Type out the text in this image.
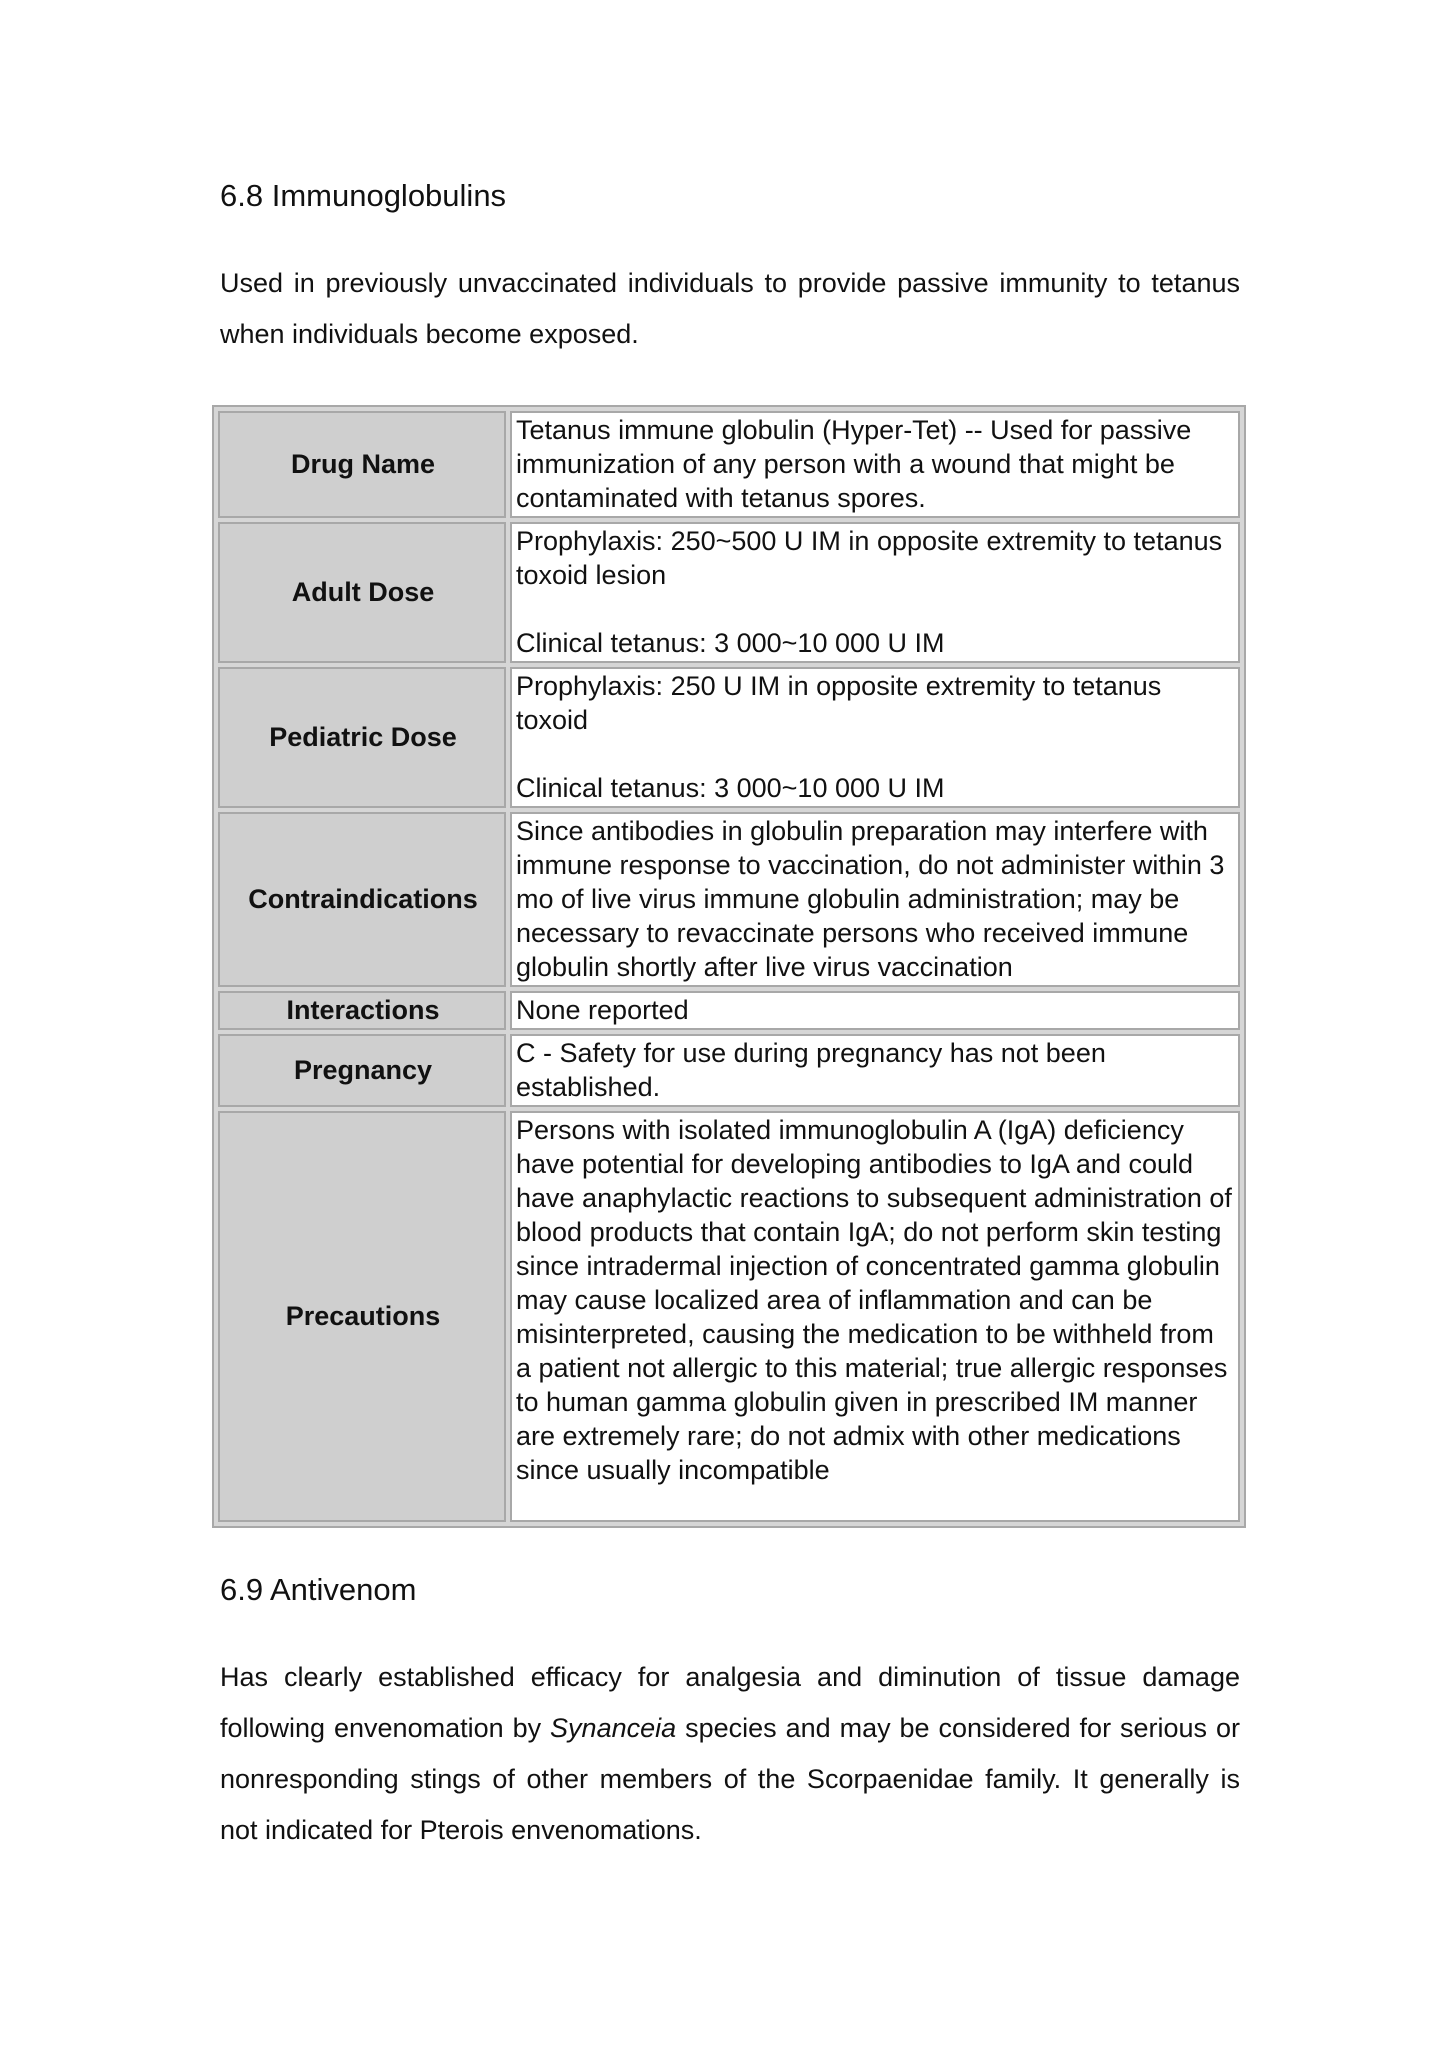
6.8 Immunoglobulins

Used in previously unvaccinated individuals to provide passive immunity to tetanus when individuals become exposed.

Drug Name	Tetanus immune globulin (Hyper-Tet) -- Used for passive immunization of any person with a wound that might be contaminated with tetanus spores.
Adult Dose	Prophylaxis: 250~500 U IM in opposite extremity to tetanus toxoid lesion

Clinical tetanus: 3 000~10 000 U IM
Pediatric Dose	Prophylaxis: 250 U IM in opposite extremity to tetanus toxoid

Clinical tetanus: 3 000~10 000 U IM
Contraindications	Since antibodies in globulin preparation may interfere with immune response to vaccination, do not administer within 3 mo of live virus immune globulin administration; may be necessary to revaccinate persons who received immune globulin shortly after live virus vaccination
Interactions	None reported
Pregnancy	C - Safety for use during pregnancy has not been established.
Precautions	Persons with isolated immunoglobulin A (IgA) deficiency have potential for developing antibodies to IgA and could have anaphylactic reactions to subsequent administration of blood products that contain IgA; do not perform skin testing since intradermal injection of concentrated gamma globulin may cause localized area of inflammation and can be misinterpreted, causing the medication to be withheld from a patient not allergic to this material; true allergic responses to human gamma globulin given in prescribed IM manner are extremely rare; do not admix with other medications since usually incompatible
6.9 Antivenom

Has clearly established efficacy for analgesia and diminution of tissue damage following envenomation by Synanceia species and may be considered for serious or nonresponding stings of other members of the Scorpaenidae family. It generally is not indicated for Pterois envenomations.
